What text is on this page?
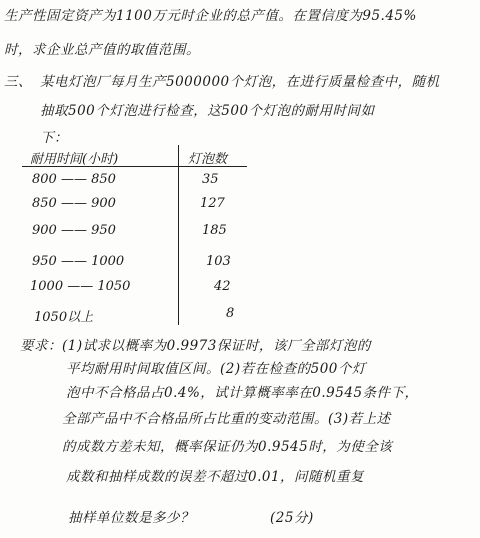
生产性固定资产为1100万元时企业的总产值。在置信度为95.45%
时，求企业总产值的取值范围。
三、 某电灯泡厂每月生产5000000个灯泡，在进行质量检查中，随机
抽取500个灯泡进行检查，这500个灯泡的耐用时间如
下：
耐用时间(小时)	灯泡数
800 —— 850	35
850 —— 900	127
900 —— 950	185
950 —— 1000	103
1000 —— 1050	42
1050以上	8
要求：(1)试求以概率为0.9973保证时，该厂全部灯泡的
平均耐用时间取值区间。(2)若在检查的500个灯
泡中不合格品占0.4%，试计算概率率在0.9545条件下，
全部产品中不合格品所占比重的变动范围。(3)若上述
的成数方差未知，概率保证仍为0.9545时，为使全该
成数和抽样成数的误差不超过0.01，问随机重复
抽样单位数是多少？	(25分)
